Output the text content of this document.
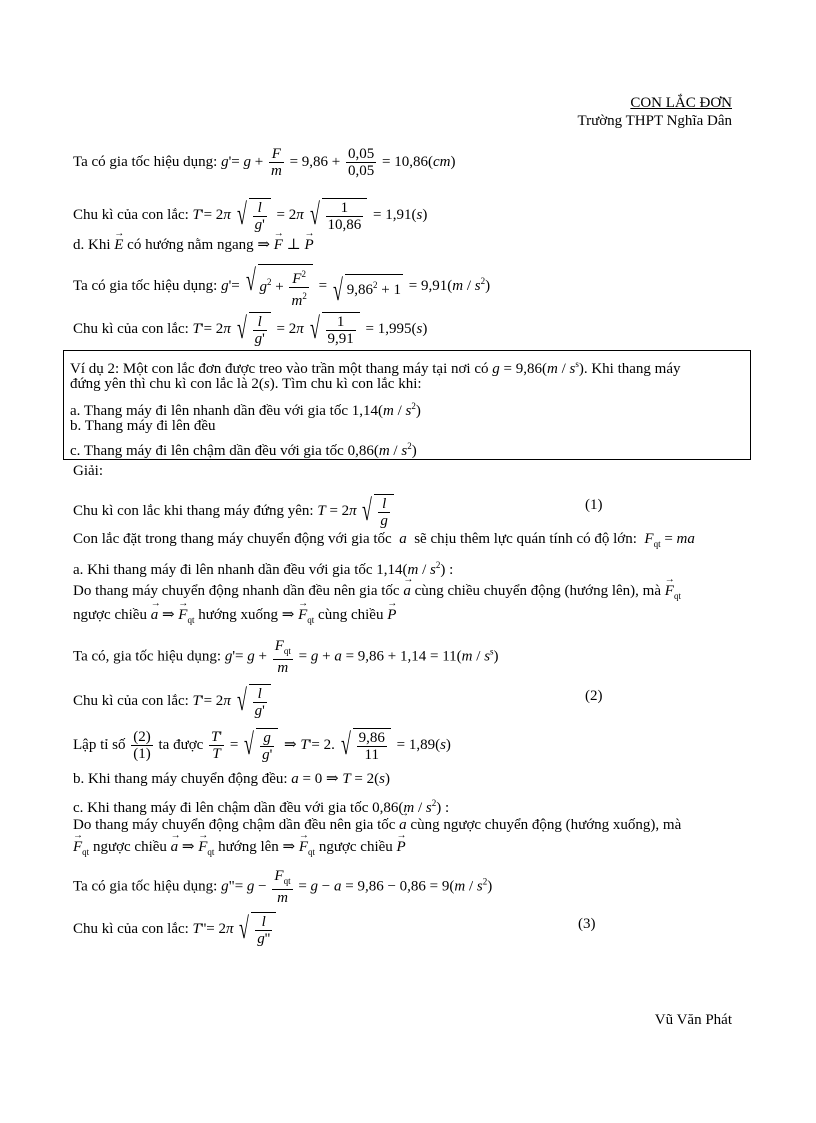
CON LẮC ĐƠN
Trường THPT Nghĩa Dân
Ta có gia tốc hiệu dụng: $g'= g + \frac{F}{m} = 9,86 + \frac{0,05}{0,05} = 10,86(cm)$
Chu kì của con lắc: T'= 2π √ $\frac{l}{g'} = 2\pi$ √ $\frac{1}{10,86} = 1,91(s)$
d. Khi → E có hướng nằm ngang ⇒ → F ⊥ → P
Ta có gia tốc hiệu dụng: g'= √ $g^2 + \frac{F^2}{m^2}$ = √ $9,86^2 + 1 = 9,91(m / s^2)$
Chu kì của con lắc: T'= 2π √ $\frac{l}{g'} = 2\pi$ √ $\frac{1}{9,91} = 1,995(s)$
Ví dụ 2: Một con lắc đơn được treo vào trần một thang máy tại nơi có $g = 9,86(m / s^s)$. Khi thang máy
đứng yên thì chu kì con lắc là 2(s). Tìm chu kì con lắc khi:
a. Thang máy đi lên nhanh dần đều với gia tốc $1,14(m / s^2)$
b. Thang máy đi lên đều
c. Thang máy đi lên chậm dần đều với gia tốc $0,86(m / s^2)$
Giải:
Chu kì con lắc khi thang máy đứng yên: T = 2π √ $\frac{l}{g}$	(1)
Con lắc đặt trong thang máy chuyển động với gia tốc a sẽ chịu thêm lực quán tính có độ lớn: $F_{qt}$ = ma
a. Khi thang máy đi lên nhanh dần đều với gia tốc $1,14(m / s^2)$ :
Do thang máy chuyển động nhanh dần đều nên gia tốc → a cùng chiều chuyển động (hướng lên), mà → $F_{qt}$
ngược chiều → a ⇒ → $F_{qt}$ hướng xuống ⇒ → $F_{qt}$ cùng chiều → P
Ta có, gia tốc hiệu dụng: $g'= g + \frac{F_{qt}}{m} = g + a = 9,86 + 1,14 = 11(m / s^s)$
Chu kì của con lắc: T'= 2π √ $\frac{l}{g'}$	(2)
Lập tỉ số $\frac{(2)}{(1)}$ ta được $\frac{T'}{T}$ = √ $\frac{g}{g'}$ ⇒ T'= 2. √ $\frac{9,86}{11} = 1,89(s)$
b. Khi thang máy chuyển động đều: a = 0 ⇒ T = 2(s)
c. Khi thang máy đi lên chậm dần đều với gia tốc $0,86(m / s^2)$ :
Do thang máy chuyển động chậm dần đều nên gia tốc → a cùng ngược chuyển động (hướng xuống), mà
→ $F_{qt}$ ngược chiều → a ⇒ → $F_{qt}$ hướng lên ⇒ → $F_{qt}$ ngược chiều → P
Ta có gia tốc hiệu dụng: g"= $g - \frac{F_{qt}}{m} = g - a = 9,86 - 0,86 = 9(m / s^2)$
Chu kì của con lắc: T''= 2π √ $\frac{l}{g''}$	(3)
Vũ Văn Phát
